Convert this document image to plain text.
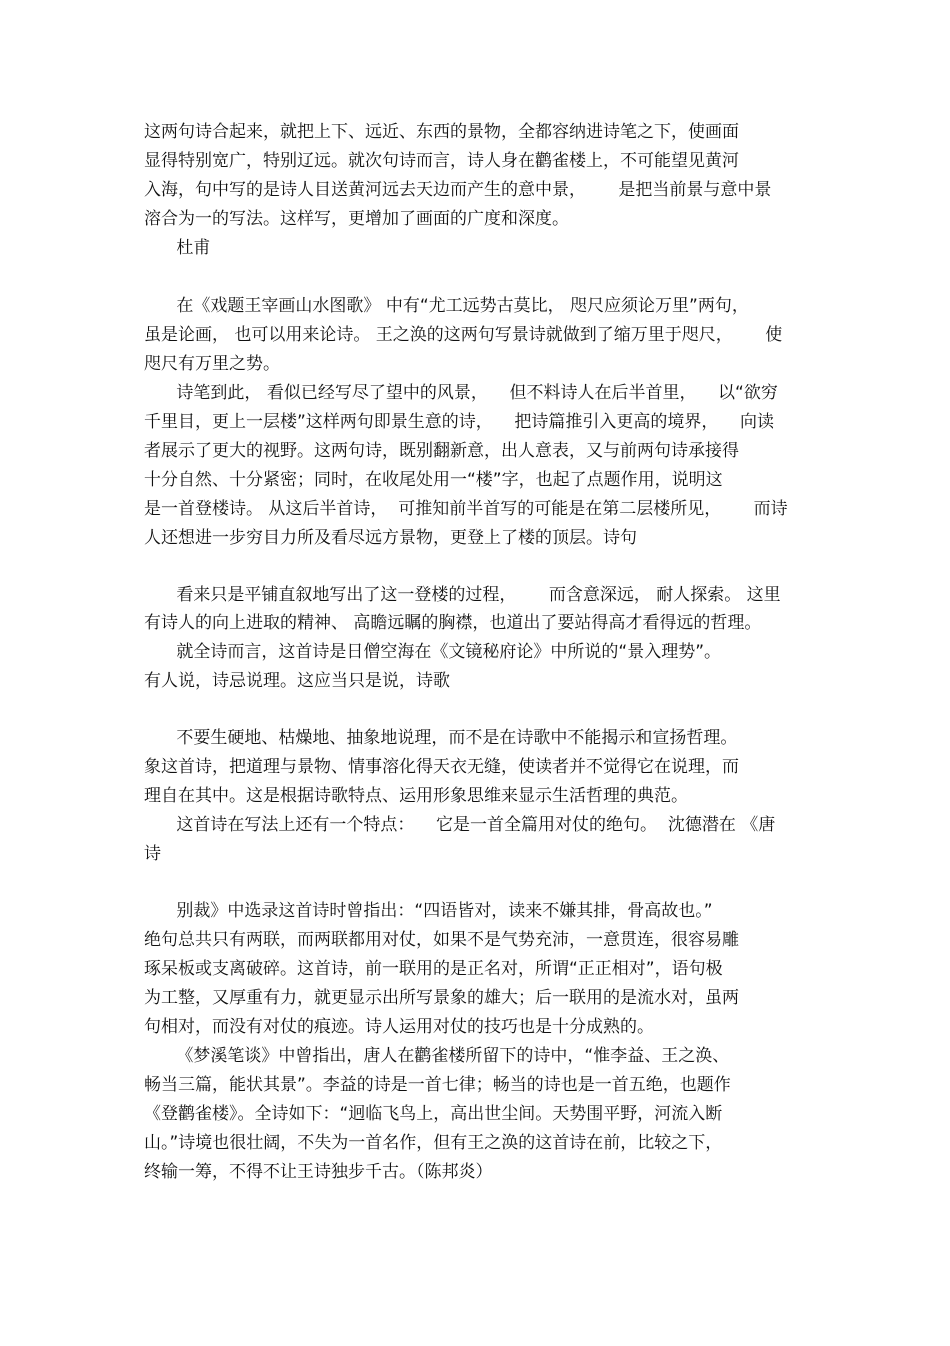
这两句诗合起来，就把上下、远近、东西的景物，全都容纳进诗笔之下，使画面
显得特别宽广，特别辽远。就次句诗而言，诗人身在鹳雀楼上，不可能望见黄河
入海，句中写的是诗人目送黄河远去天边而产生的意中景，      是把当前景与意中景
溶合为一的写法。这样写，更增加了画面的广度和深度。
杜甫
在《戏题王宰画山水图歌》 中有“尤工远势古莫比， 咫尺应须论万里”两句，
虽是论画， 也可以用来论诗。 王之涣的这两句写景诗就做到了缩万里于咫尺，      使
咫尺有万里之势。
诗笔到此， 看似已经写尽了望中的风景，    但不料诗人在后半首里，    以“欲穷
千里目，更上一层楼”这样两句即景生意的诗，    把诗篇推引入更高的境界，    向读
者展示了更大的视野。这两句诗，既别翻新意，出人意表，又与前两句诗承接得
十分自然、十分紧密；同时，在收尾处用一“楼”字，也起了点题作用，说明这
是一首登楼诗。 从这后半首诗，  可推知前半首写的可能是在第二层楼所见，      而诗
人还想进一步穷目力所及看尽远方景物，更登上了楼的顶层。诗句
看来只是平铺直叙地写出了这一登楼的过程，      而含意深远， 耐人探索。 这里
有诗人的向上进取的精神、 高瞻远瞩的胸襟，也道出了要站得高才看得远的哲理。
就全诗而言，这首诗是日僧空海在《文镜秘府论》中所说的“景入理势”。
有人说，诗忌说理。这应当只是说，诗歌
不要生硬地、枯燥地、抽象地说理，而不是在诗歌中不能揭示和宣扬哲理。
象这首诗，把道理与景物、情事溶化得天衣无缝，使读者并不觉得它在说理，而
理自在其中。这是根据诗歌特点、运用形象思维来显示生活哲理的典范。
这首诗在写法上还有一个特点：    它是一首全篇用对仗的绝句。  沈德潜在 《唐
诗
别裁》中选录这首诗时曾指出：“四语皆对，读来不嫌其排，骨高故也。”
绝句总共只有两联，而两联都用对仗，如果不是气势充沛，一意贯连，很容易雕
琢呆板或支离破碎。这首诗，前一联用的是正名对，所谓“正正相对”，语句极
为工整，又厚重有力，就更显示出所写景象的雄大；后一联用的是流水对，虽两
句相对，而没有对仗的痕迹。诗人运用对仗的技巧也是十分成熟的。
《梦溪笔谈》中曾指出，唐人在鹳雀楼所留下的诗中，“惟李益、王之涣、
畅当三篇，能状其景”。李益的诗是一首七律；畅当的诗也是一首五绝，也题作
《登鹳雀楼》。全诗如下：“迥临飞鸟上，高出世尘间。天势围平野，河流入断
山。”诗境也很壮阔，不失为一首名作，但有王之涣的这首诗在前，比较之下，
终输一筹，不得不让王诗独步千古。（陈邦炎）
